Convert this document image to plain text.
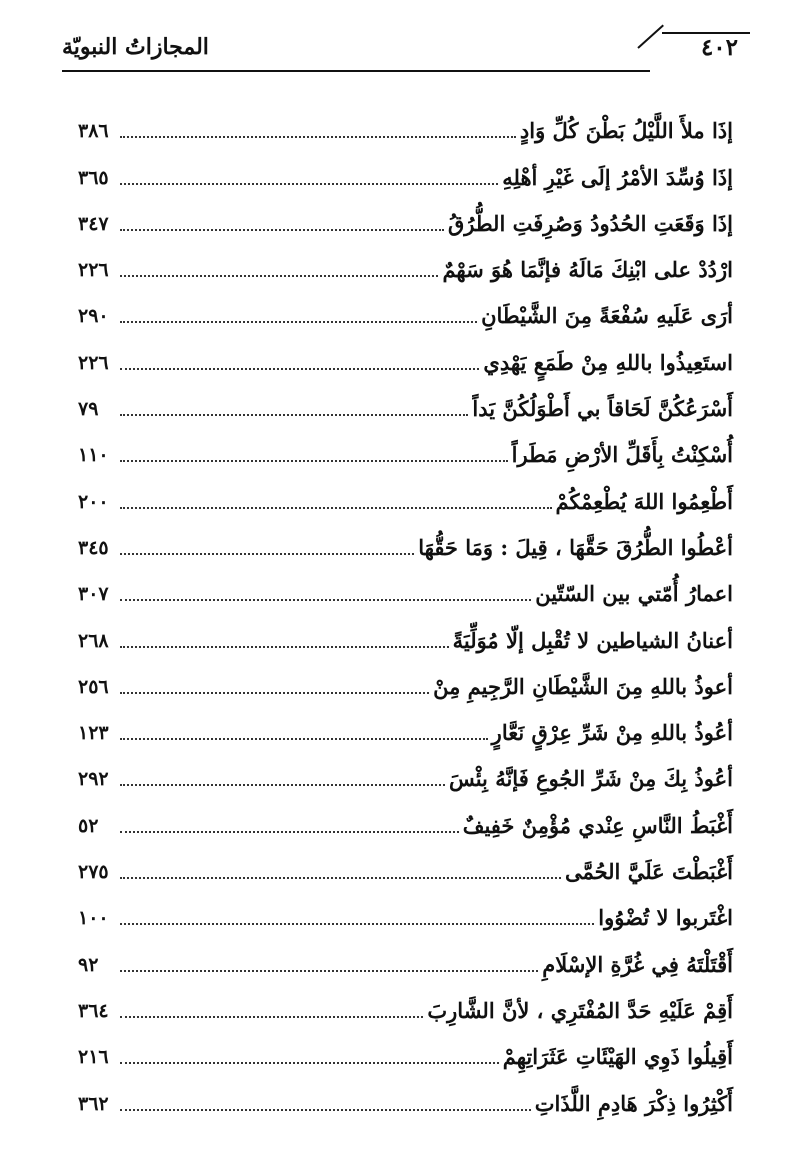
المجازاتُ النبويّة	٤٠٢
إذَا ملأَ اللَّيْلُ بَطْنَ كُلِّ وَادٍ
٣٨٦
إذَا وُسِّدَ الأمْرُ إلَى غَيْرِ أهْلِهِ
٣٦٥
إذَا وَقَعَتِ الحُدُودُ وَصُرِفَتِ الطُّرُقُ
٣٤٧
ارْدُدْ على ابْنِكَ مَالَهُ فإنَّمَا هُوَ سَهْمٌ
٢٢٦
أرَى عَلَيهِ سُفْعَةً مِنَ الشَّيْطَانِ
٢٩٠
استَعِيذُوا باللهِ مِنْ طَمَعٍ يَهْدِي
٢٢٦
أَسْرَعُكُنَّ لَحَاقاً بي أَطْوَلُكُنَّ يَداً
٧٩
أُسْكِنْتُ بِأَقَلِّ الأرْضِ مَطَراً
١١٠
أَطْعِمُوا اللهَ يُطْعِمْكُمْ
٢٠٠
أعْطُوا الطُّرُقَ حَقَّهَا ، قِيلَ : وَمَا حَقُّهَا
٣٤٥
اعمارُ أُمّتي بين السّتّين
٣٠٧
أعنانُ الشياطين لا تُقْبِل إلّا مُوَلِّيَةً
٢٦٨
أعوذُ باللهِ مِنَ الشَّيْطَانِ الرَّجِيمِ مِنْ
٢٥٦
أعُوذُ باللهِ مِنْ شَرِّ عِرْقٍ نَعَّارٍ
١٢٣
أعُوذُ بِكَ مِنْ شَرِّ الجُوعِ فَإنَّهُ بِئْسَ
٢٩٢
أَغْبَطُ النَّاسِ عِنْدي مُؤْمِنٌ خَفِيفٌ
٥٢
أَغْبَطْتَ عَلَيَّ الحُمَّى
٢٧٥
اغْتَربوا لا تُضْوُوا
١٠٠
أَقْتَلْتَهُ فِي غُرَّةِ الإسْلَامِ
٩٢
أَقِمْ عَلَيْهِ حَدَّ المُفْتَرِي ، لأنَّ الشَّارِبَ
٣٦٤
أَقِيلُوا ذَوِي الهَيْئَاتِ عَثَرَاتِهِمْ
٢١٦
أَكْثِرُوا ذِكْرَ هَادِمِ اللَّذَاتِ
٣٦٢
